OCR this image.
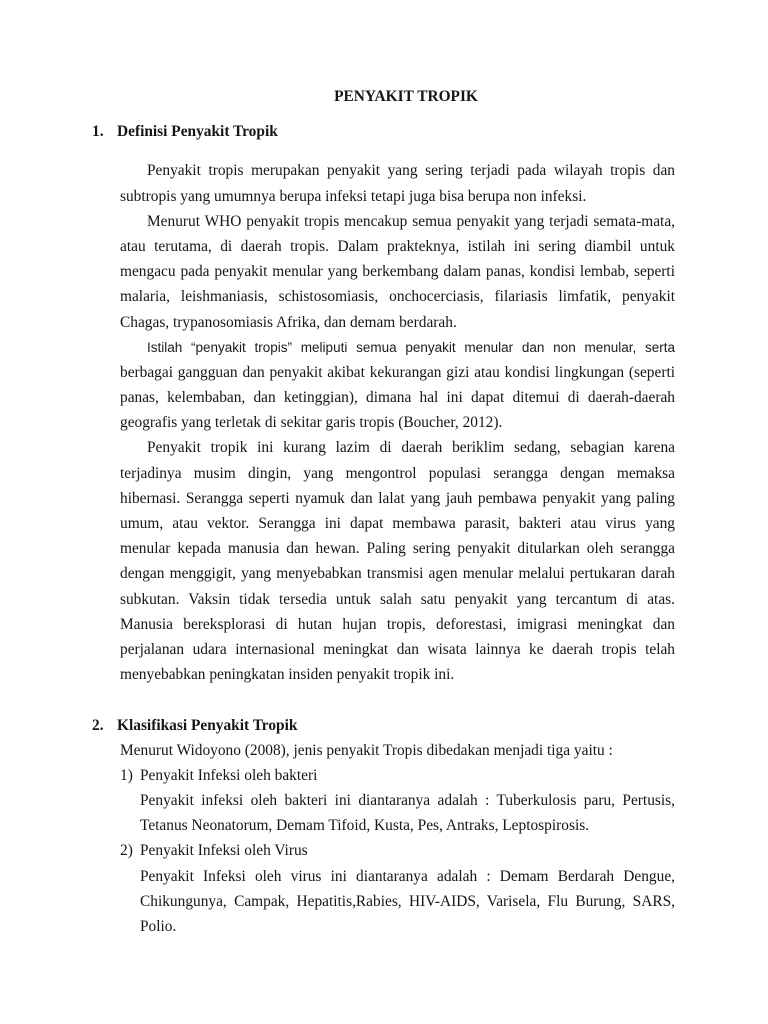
PENYAKIT TROPIK
1. Definisi Penyakit Tropik
Penyakit tropis merupakan penyakit yang sering terjadi pada wilayah tropis dan
subtropis yang umumnya berupa infeksi tetapi juga bisa berupa non infeksi.
Menurut WHO penyakit tropis mencakup semua penyakit yang terjadi semata-mata,
atau terutama, di daerah tropis. Dalam prakteknya, istilah ini sering diambil untuk
mengacu pada penyakit menular yang berkembang dalam panas, kondisi lembab, seperti
malaria, leishmaniasis, schistosomiasis, onchocerciasis, filariasis limfatik, penyakit
Chagas, trypanosomiasis Afrika, dan demam berdarah.
Istilah “penyakit tropis” meliputi semua penyakit menular dan non menular, serta
berbagai gangguan dan penyakit akibat kekurangan gizi atau kondisi lingkungan (seperti
panas, kelembaban, dan ketinggian), dimana hal ini dapat ditemui di daerah-daerah
geografis yang terletak di sekitar garis tropis (Boucher, 2012).
Penyakit tropik ini kurang lazim di daerah beriklim sedang, sebagian karena
terjadinya musim dingin, yang mengontrol populasi serangga dengan memaksa
hibernasi. Serangga seperti nyamuk dan lalat yang jauh pembawa penyakit yang paling
umum, atau vektor. Serangga ini dapat membawa parasit, bakteri atau virus yang
menular kepada manusia dan hewan. Paling sering penyakit ditularkan oleh serangga
dengan menggigit, yang menyebabkan transmisi agen menular melalui pertukaran darah
subkutan. Vaksin tidak tersedia untuk salah satu penyakit yang tercantum di atas.
Manusia bereksplorasi di hutan hujan tropis, deforestasi, imigrasi meningkat dan
perjalanan udara internasional meningkat dan wisata lainnya ke daerah tropis telah
menyebabkan peningkatan insiden penyakit tropik ini.
2. Klasifikasi Penyakit Tropik
Menurut Widoyono (2008), jenis penyakit Tropis dibedakan menjadi tiga yaitu :
1) Penyakit Infeksi oleh bakteri
Penyakit infeksi oleh bakteri ini diantaranya adalah : Tuberkulosis paru, Pertusis,
Tetanus Neonatorum, Demam Tifoid, Kusta, Pes, Antraks, Leptospirosis.
2) Penyakit Infeksi oleh Virus
Penyakit Infeksi oleh virus ini diantaranya adalah : Demam Berdarah Dengue,
Chikungunya, Campak, Hepatitis,Rabies, HIV-AIDS, Varisela, Flu Burung, SARS,
Polio.
